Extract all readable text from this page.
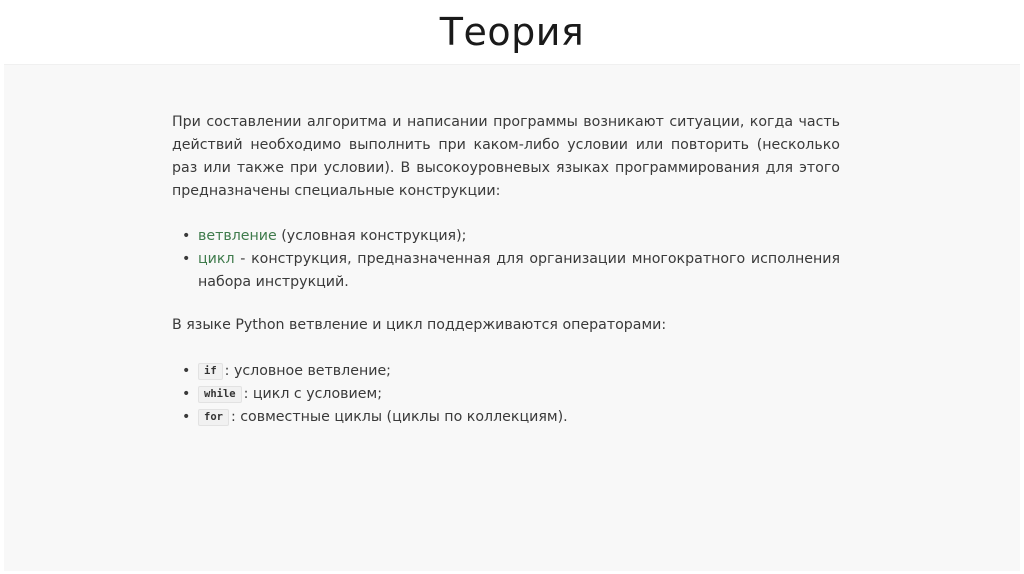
Теория

При составлении алгоритма и написании программы возникают ситуации, когда часть действий необходимо выполнить при каком-либо условии или повторить (несколько раз или также при условии). В высокоуровневых языках программирования для этого предназначены специальные конструкции:

• ветвление (условная конструкция);
• цикл - конструкция, предназначенная для организации многократного исполнения набора инструкций.

В языке Python ветвление и цикл поддерживаются операторами:

• if : условное ветвление;
• while : цикл с условием;
• for : совместные циклы (циклы по коллекциям).
